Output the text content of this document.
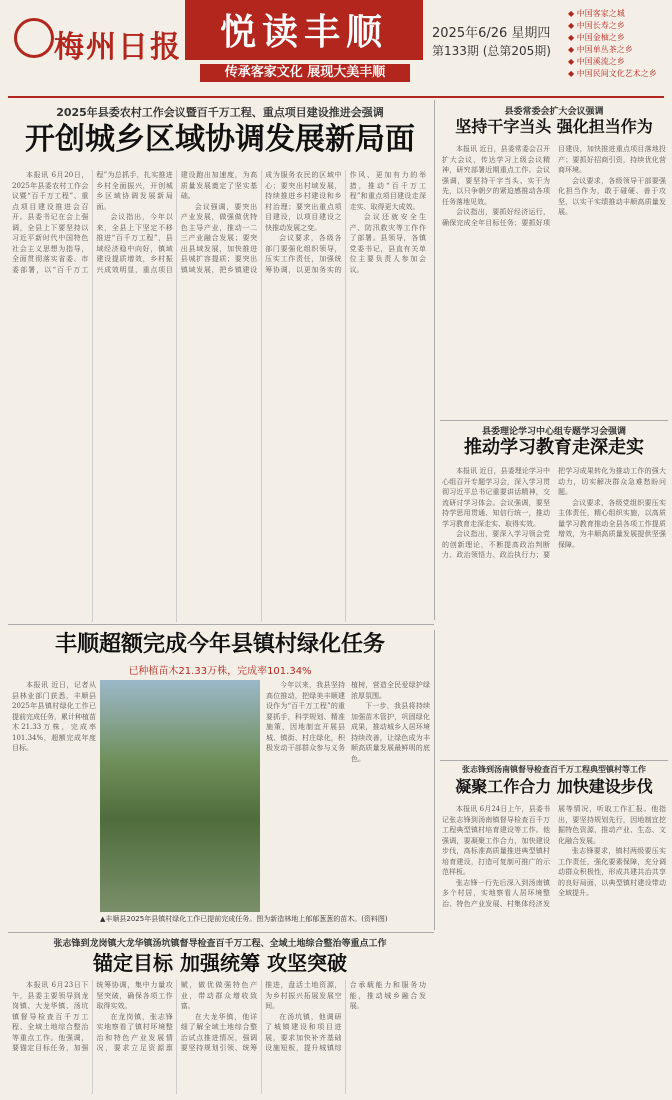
梅州日报	悦读丰顺
传承客家文化 展现大美丰顺
2025年6/26 星期四
第133期 (总第205期)
◆ 中国客家之城
◆ 中国长寿之乡
◆ 中国金柚之乡
◆ 中国单丛茶之乡
◆ 中国溪流之乡
◆ 中国民间文化艺术之乡
2025年县委农村工作会议暨百千万工程、重点项目建设推进会强调
开创城乡区域协调发展新局面

本报讯 6月20日，2025年县委农村工作会议暨“百千万工程”、重点项目建设推进会召开。县委书记在会上强调，全县上下要坚持以习近平新时代中国特色社会主义思想为指导，全面贯彻落实省委、市委部署，以“百千万工程”为总抓手，扎实推进乡村全面振兴，开创城乡区域协调发展新局面。

会议指出，今年以来，全县上下坚定不移推进“百千万工程”，县域经济稳中向好，镇域建设提质增效，乡村振兴成效明显，重点项目建设跑出加速度，为高质量发展奠定了坚实基础。

会议强调，要突出产业发展，做强做优特色主导产业，推动一二三产业融合发展；要突出县域发展，加快推进县城扩容提质；要突出镇域发展，把乡镇建设成为服务农民的区域中心；要突出村域发展，持续推进乡村建设和乡村治理；要突出重点项目建设，以项目建设之快推动发展之变。

会议要求，各级各部门要强化组织领导，压实工作责任，加强统筹协调，以更加务实的作风、更加有力的举措，推动“百千万工程”和重点项目建设走深走实、取得更大成效。

会议还就安全生产、防汛救灾等工作作了部署。县领导，各镇党委书记，县直有关单位主要负责人参加会议。

县委常委会扩大会议强调
坚持干字当头 强化担当作为

本报讯 近日，县委常委会召开扩大会议，传达学习上级会议精神，研究部署近期重点工作。会议强调，要坚持干字当头、实干为先，以只争朝夕的紧迫感推动各项任务落地见效。

会议指出，要抓好经济运行，确保完成全年目标任务；要抓好项目建设，加快推进重点项目落地投产；要抓好招商引资，持续优化营商环境。

会议要求，各级领导干部要强化担当作为，敢于碰硬、善于攻坚，以实干实绩推动丰顺高质量发展。

县委理论学习中心组专题学习会强调
推动学习教育走深走实

本报讯 近日，县委理论学习中心组召开专题学习会，深入学习贯彻习近平总书记重要讲话精神，交流研讨学习体会。会议强调，要坚持学思用贯通、知信行统一，推动学习教育走深走实、取得实效。

会议指出，要深入学习领会党的创新理论，不断提高政治判断力、政治领悟力、政治执行力；要把学习成果转化为推动工作的强大动力，切实解决群众急难愁盼问题。

会议要求，各级党组织要压实主体责任，精心组织实施，以高质量学习教育推动全县各项工作提质增效，为丰顺高质量发展提供坚强保障。

丰顺超额完成今年县镇村绿化任务
已种植苗木21.33万株，完成率101.34%

本报讯 近日，记者从县林业部门获悉，丰顺县2025年县镇村绿化工作已提前完成任务，累计种植苗木21.33万株，完成率101.34%，超额完成年度目标。

今年以来，我县坚持高位推动，把绿美丰顺建设作为“百千万工程”的重要抓手，科学规划、精准施策，因地制宜开展县城、镇街、村庄绿化，积极发动干部群众参与义务植树，营造全民爱绿护绿浓厚氛围。

下一步，我县将持续加强苗木管护，巩固绿化成果，推动城乡人居环境持续改善，让绿色成为丰顺高质量发展最鲜明的底色。

▲丰顺县2025年县镇村绿化工作已提前完成任务。图为新造林地上郁郁葱葱的苗木。(资料图)
张志锋到汤南镇督导检查百千万工程典型镇村等工作
凝聚工作合力 加快建设步伐

本报讯 6月24日上午，县委书记张志锋到汤南镇督导检查百千万工程典型镇村培育建设等工作。他强调，要凝聚工作合力，加快建设步伐，高标准高质量推进典型镇村培育建设，打造可复制可推广的示范样板。

张志锋一行先后深入到汤南镇多个村居，实地察看人居环境整治、特色产业发展、村集体经济发展等情况，听取工作汇报。他指出，要坚持规划先行，因地制宜挖掘特色资源，推动产业、生态、文化融合发展。

张志锋要求，镇村两级要压实工作责任，强化要素保障，充分调动群众积极性，形成共建共治共享的良好局面，以典型镇村建设带动全域提升。

张志锋到龙岗镇大龙华镇汤坑镇督导检查百千万工程、全域土地综合整治等重点工作
锚定目标 加强统筹 攻坚突破

本报讯 6月23日下午，县委主要领导到龙岗镇、大龙华镇、汤坑镇督导检查百千万工程、全域土地综合整治等重点工作。他强调，要锚定目标任务，加强统筹协调，集中力量攻坚突破，确保各项工作取得实效。

在龙岗镇，张志锋实地察看了镇村环境整治和特色产业发展情况，要求立足资源禀赋，做优做强特色产业，带动群众增收致富。

在大龙华镇，他详细了解全域土地综合整治试点推进情况，强调要坚持规划引领、统筹推进，盘活土地资源，为乡村振兴拓展发展空间。

在汤坑镇，他调研了城镇建设和项目进展，要求加快补齐基础设施短板，提升城镇综合承载能力和服务功能，推动城乡融合发展。
